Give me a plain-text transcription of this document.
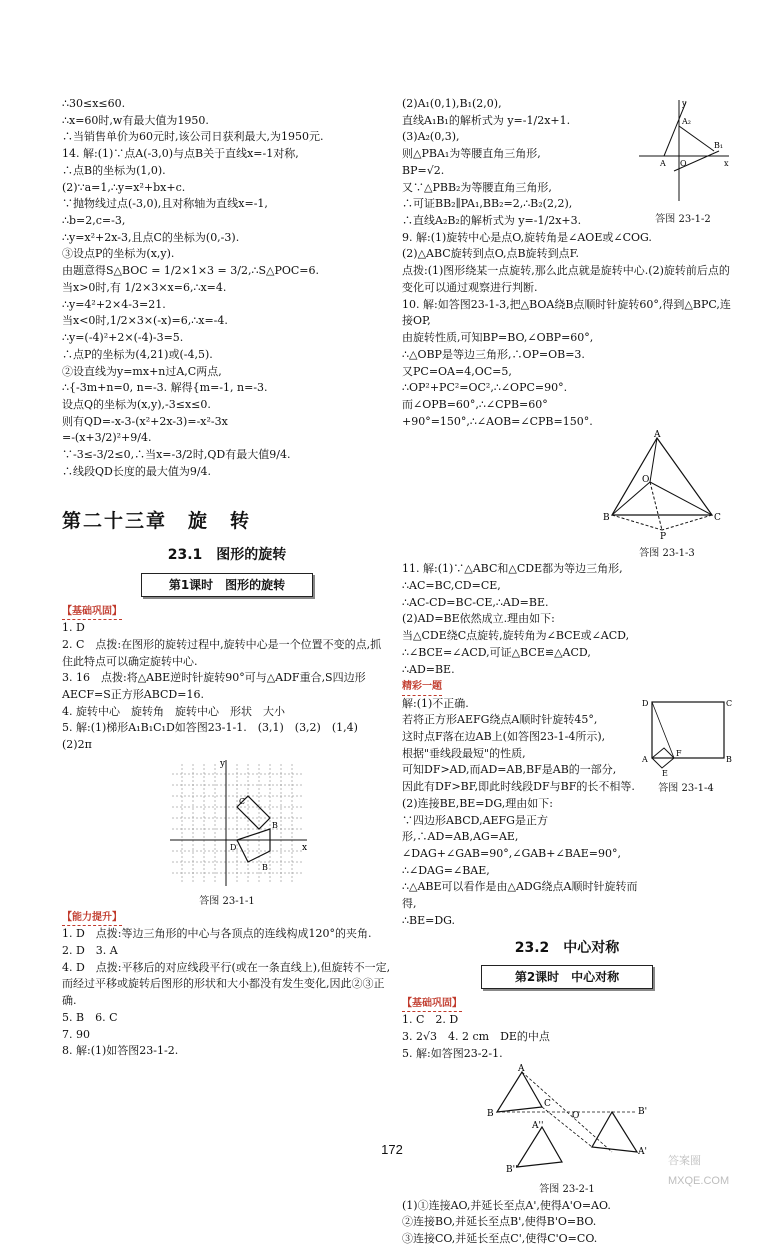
∴30≤x≤60.
∴x=60时,w有最大值为1950.
∴当销售单价为60元时,该公司日获利最大,为1950元.
14. 解:(1)∵点A(-3,0)与点B关于直线x=-1对称,
∴点B的坐标为(1,0).
(2)∵a=1,∴y=x²+bx+c.
∵抛物线过点(-3,0),且对称轴为直线x=-1,
∴b=2,c=-3,
∴y=x²+2x-3,且点C的坐标为(0,-3).
③设点P的坐标为(x,y).
由题意得S△BOC = 1/2×1×3 = 3/2,∴S△POC=6.
当x>0时,有 1/2×3×x=6,∴x=4.
∴y=4²+2×4-3=21.
当x<0时,1/2×3×(-x)=6,∴x=-4.
∴y=(-4)²+2×(-4)-3=5.
∴点P的坐标为(4,21)或(-4,5).
②设直线为y=mx+n过A,C两点,
∴{-3m+n=0, n=-3. 解得{m=-1, n=-3.
设点Q的坐标为(x,y),-3≤x≤0.
则有QD=-x-3-(x²+2x-3)=-x²-3x
=-(x+3/2)²+9/4.
∵-3≤-3/2≤0,∴当x=-3/2时,QD有最大值9/4.
∴线段QD长度的最大值为9/4.
第二十三章　旋　转
23.1　图形的旋转
第1课时　图形的旋转
【基础巩固】
1. D
2. C　点拨:在图形的旋转过程中,旋转中心是一个位置不变的点,抓住此特点可以确定旋转中心.
3. 16　点拨:将△ABE逆时针旋转90°可与△ADF重合,S四边形AECF=S正方形ABCD=16.
4. 旋转中心　旋转角　旋转中心　形状　大小
5. 解:(1)梯形A₁B₁C₁D如答图23-1-1.　(3,1)　(3,2)　(1,4)
(2)2π
x
y
D
C
B
B
答图 23-1-1
【能力提升】
1. D　点拨:等边三角形的中心与各顶点的连线构成120°的夹角.
2. D　3. A
4. D　点拨:平移后的对应线段平行(或在一条直线上),但旋转不一定,而经过平移或旋转后图形的形状和大小都没有发生变化,因此②③正确.
5. B　6. C
7. 90
8. 解:(1)如答图23-1-2.
(2)A₁(0,1),B₁(2,0),
直线A₁B₁的解析式为 y=-1/2x+1.
(3)A₂(0,3),
则△PBA₁为等腰直角三角形,
BP=√2.
又∵△PBB₂为等腰直角三角形,
∴可证BB₂∥PA₁,BB₂=2,∴B₂(2,2),
∴直线A₂B₂的解析式为 y=-1/2x+3.
y
x
O
A
B₁
A₂
答图 23-1-2
9. 解:(1)旋转中心是点O,旋转角是∠AOE或∠COG.
(2)△ABC旋转到点O,点B旋转到点F.
点拨:(1)图形绕某一点旋转,那么此点就是旋转中心.(2)旋转前后点的变化可以通过观察进行判断.
10. 解:如答图23-1-3,把△BOA绕B点顺时针旋转60°,得到△BPC,连接OP,
由旋转性质,可知BP=BO,∠OBP=60°,
∴△OBP是等边三角形,∴OP=OB=3.
又PC=OA=4,OC=5,
∴OP²+PC²=OC²,∴∠OPC=90°.
而∠OPB=60°,∴∠CPB=60°+90°=150°,∴∠AOB=∠CPB=150°.
A
B	C
O
P
答图 23-1-3
11. 解:(1)∵△ABC和△CDE都为等边三角形,
∴AC=BC,CD=CE,
∴AC-CD=BC-CE,∴AD=BE.
(2)AD=BE依然成立.理由如下:
当△CDE绕C点旋转,旋转角为∠BCE或∠ACD,
∴∠BCE=∠ACD,可证△BCE≌△ACD,
∴AD=BE.
精彩一题
解:(1)不正确.
若将正方形AEFG绕点A顺时针旋转45°,
这时点F落在边AB上(如答图23-1-4所示),
根据"垂线段最短"的性质,
可知DF>AD,而AD=AB,BF是AB的一部分,
因此有DF>BF,即此时线段DF与BF的长不相等.
(2)连接BE,BE=DG,理由如下:
∵四边形ABCD,AEFG是正方形,∴AD=AB,AG=AE,
∠DAG+∠GAB=90°,∠GAB+∠BAE=90°,
∴∠DAG=∠BAE,
∴△ABE可以看作是由△ADG绕点A顺时针旋转而得,
∴BE=DG.
D	C
A	B
E
F
答图 23-1-4
23.2　中心对称
第2课时　中心对称
【基础巩固】
1. C　2. D
3. 2√3　4. 2 cm　DE的中点
5. 解:如答图23-2-1.
A
B
C
O	B'
A'
A''
B''
答图 23-2-1
(1)①连接AO,并延长至点A',使得A'O=AO.
②连接BO,并延长至点B',使得B'O=BO.
③连接CO,并延长至点C',使得C'O=CO.
172
答案圈
MXQE.COM
